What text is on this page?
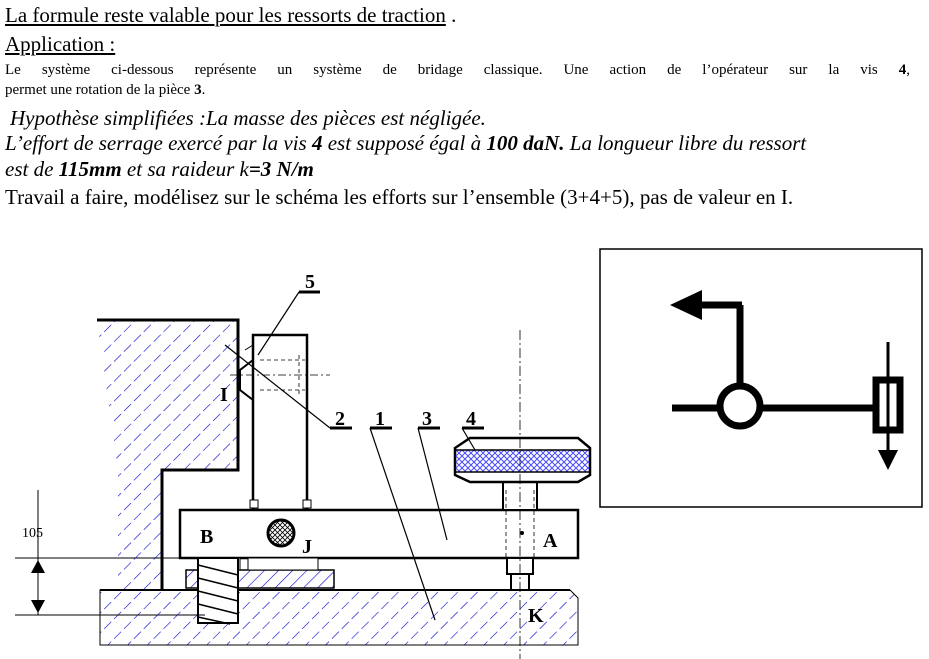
La formule reste valable pour les ressorts de traction .
Application :
Le système ci-dessous représente un système de bridage classique. Une action de l’opérateur sur la vis 4,
permet une rotation de la pièce 3.
Hypothèse simplifiées :La masse des pièces est négligée.
L’effort de serrage exercé par la vis 4 est supposé égal à 100 daN. La longueur libre du ressort
est de 115mm et sa raideur k=3 N/m
Travail a faire, modélisez sur le schéma les efforts sur l’ensemble (3+4+5), pas de valeur en I.
105
5
2 1 3 4
I
B	J	A
K
